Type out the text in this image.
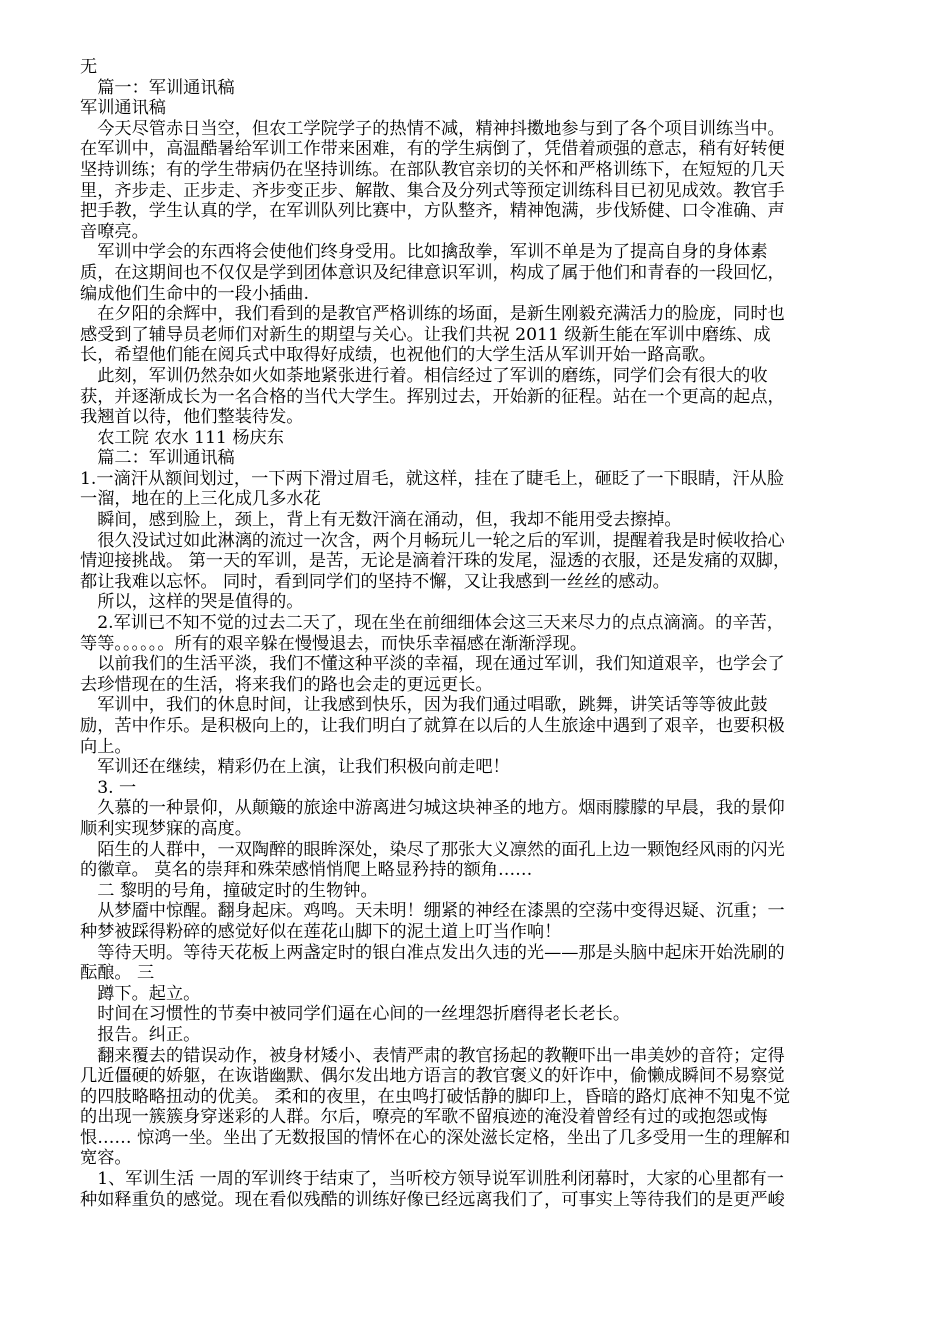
无
　篇一：军训通讯稿
军训通讯稿
　今天尽管赤日当空，但农工学院学子的热情不减，精神抖擞地参与到了各个项目训练当中。
在军训中，高温酷暑给军训工作带来困难，有的学生病倒了，凭借着顽强的意志，稍有好转便
坚持训练；有的学生带病仍在坚持训练。在部队教官亲切的关怀和严格训练下，在短短的几天
里，齐步走、正步走、齐步变正步、解散、集合及分列式等预定训练科目已初见成效。教官手
把手教，学生认真的学，在军训队列比赛中，方队整齐，精神饱满，步伐矫健、口令准确、声
音嘹亮。
　军训中学会的东西将会使他们终身受用。比如擒敌拳，军训不单是为了提高自身的身体素
质，在这期间也不仅仅是学到团体意识及纪律意识军训，构成了属于他们和青春的一段回忆，
编成他们生命中的一段小插曲.
　在夕阳的余辉中，我们看到的是教官严格训练的场面，是新生刚毅充满活力的脸庞，同时也
感受到了辅导员老师们对新生的期望与关心。让我们共祝 2011 级新生能在军训中磨练、成
长，希望他们能在阅兵式中取得好成绩，也祝他们的大学生活从军训开始一路高歌。
　此刻，军训仍然杂如火如荼地紧张进行着。相信经过了军训的磨练，同学们会有很大的收
获，并逐渐成长为一名合格的当代大学生。挥别过去，开始新的征程。站在一个更高的起点，
我翘首以待，他们整装待发。
　农工院 农水 111 杨庆东
　篇二：军训通讯稿
1.一滴汗从额间划过，一下两下滑过眉毛，就这样，挂在了睫毛上，砸眨了一下眼睛，汗从脸
一溜，地在的上三化成几多水花
　瞬间，感到脸上，颈上，背上有无数汗滴在涌动，但，我却不能用受去擦掉。
　很久没试过如此淋漓的流过一次含，两个月畅玩儿一轮之后的军训，提醒着我是时候收拾心
情迎接挑战。 第一天的军训，是苦，无论是滴着汗珠的发尾，湿透的衣服，还是发痛的双脚，
都让我难以忘怀。 同时，看到同学们的坚持不懈，又让我感到一丝丝的感动。
　所以，这样的哭是值得的。
　2.军训已不知不觉的过去二天了，现在坐在前细细体会这三天来尽力的点点滴滴。的辛苦，
等等。。。。。。所有的艰辛躲在慢慢退去，而快乐幸福感在渐渐浮现。
　以前我们的生活平淡，我们不懂这种平淡的幸福，现在通过军训，我们知道艰辛，也学会了
去珍惜现在的生活，将来我们的路也会走的更远更长。
　军训中，我们的休息时间，让我感到快乐，因为我们通过唱歌，跳舞，讲笑话等等彼此鼓
励，苦中作乐。是积极向上的，让我们明白了就算在以后的人生旅途中遇到了艰辛，也要积极
向上。
　军训还在继续，精彩仍在上演，让我们积极向前走吧！
　3. 一
　久慕的一种景仰，从颠簸的旅途中游离进匀城这块神圣的地方。烟雨朦朦的早晨，我的景仰
顺利实现梦寐的高度。
　陌生的人群中，一双陶醉的眼眸深处，染尽了那张大义凛然的面孔上边一颗饱经风雨的闪光
的徽章。 莫名的崇拜和殊荣感悄悄爬上略显矜持的额角……
　二 黎明的号角，撞破定时的生物钟。
　从梦靥中惊醒。翻身起床。鸡鸣。天未明！绷紧的神经在漆黑的空荡中变得迟疑、沉重；一
种梦被踩得粉碎的感觉好似在莲花山脚下的泥土道上叮当作响！
　等待天明。等待天花板上两盏定时的银白准点发出久违的光——那是头脑中起床开始洗刷的
酝酿。 三
　蹲下。起立。
　时间在习惯性的节奏中被同学们逼在心间的一丝埋怨折磨得老长老长。
　报告。纠正。
　翻来覆去的错误动作，被身材矮小、表情严肃的教官扬起的教鞭吓出一串美妙的音符；定得
几近僵硬的娇躯，在诙谐幽默、偶尔发出地方语言的教官褒义的奸诈中，偷懒成瞬间不易察觉
的四肢略略扭动的优美。 柔和的夜里，在虫鸣打破恬静的脚印上，昏暗的路灯底神不知鬼不觉
的出现一簇簇身穿迷彩的人群。尔后，嘹亮的军歌不留痕迹的淹没着曾经有过的或抱怨或悔
恨…… 惊鸿一坐。坐出了无数报国的情怀在心的深处滋长定格，坐出了几多受用一生的理解和
宽容。
　1、军训生活 一周的军训终于结束了，当听校方领导说军训胜利闭幕时，大家的心里都有一
种如释重负的感觉。现在看似残酷的训练好像已经远离我们了，可事实上等待我们的是更严峻
